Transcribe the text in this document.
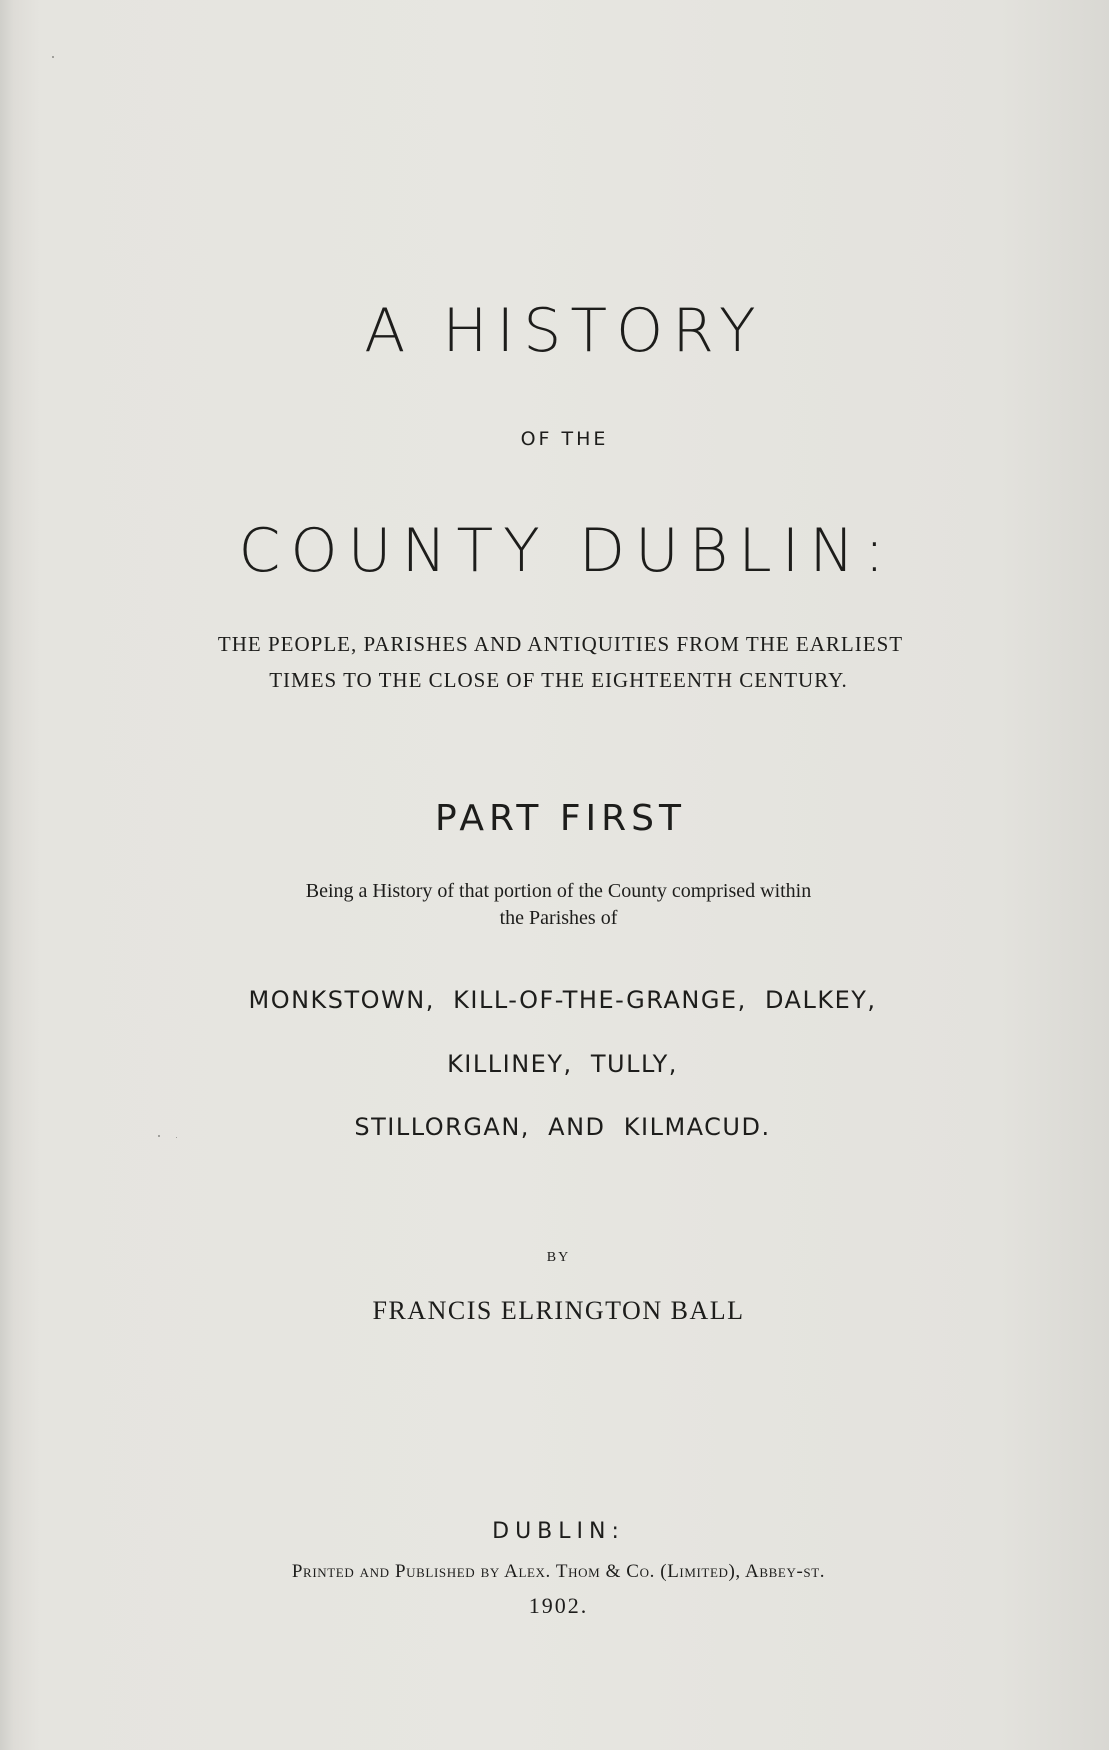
A HISTORY

OF THE

COUNTY DUBLIN:

THE PEOPLE, PARISHES AND ANTIQUITIES FROM THE EARLIEST

TIMES TO THE CLOSE OF THE EIGHTEENTH CENTURY.

PART FIRST

Being a History of that portion of the County comprised within

the Parishes of

MONKSTOWN,  KILL-OF-THE-GRANGE,  DALKEY,

KILLINEY,  TULLY,

STILLORGAN,  AND  KILMACUD.

BY

FRANCIS ELRINGTON BALL

DUBLIN:

Printed and Published by Alex. Thom & Co. (Limited), Abbey-st.

1902.
